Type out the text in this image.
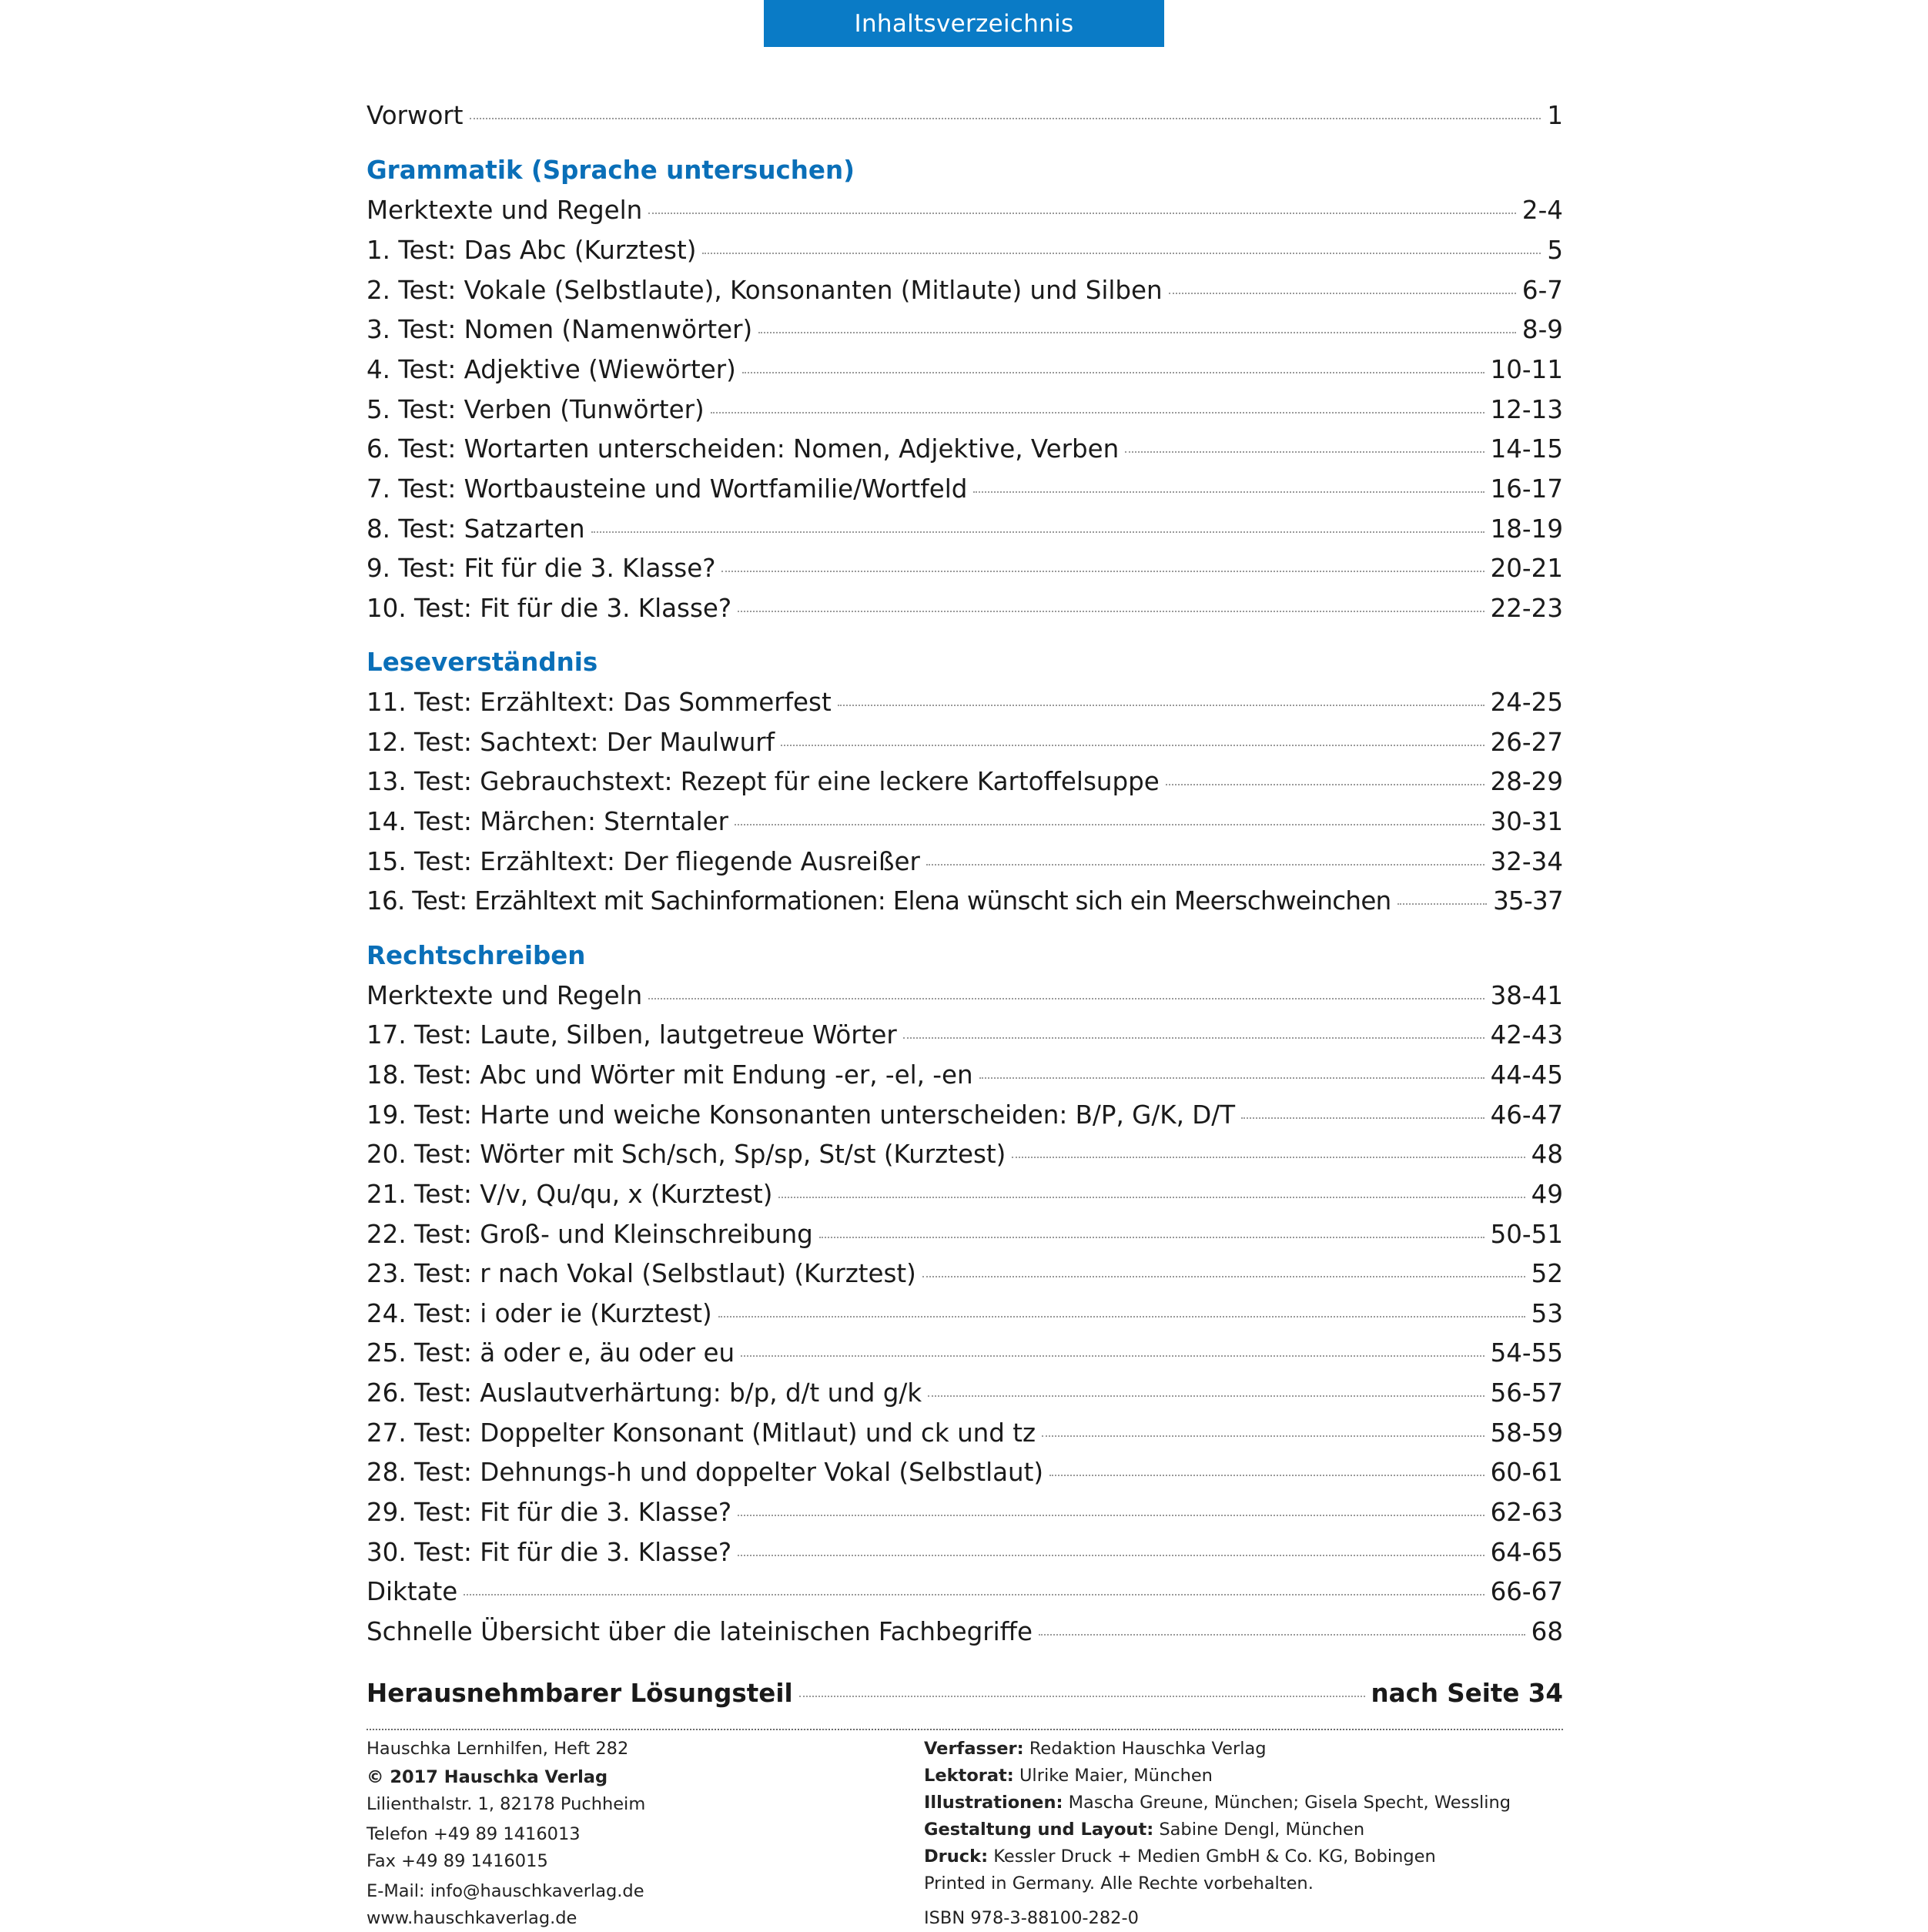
Inhaltsverzeichnis
Vorwort	1
Grammatik (Sprache untersuchen)
Merktexte und Regeln	2-4
1. Test: Das Abc (Kurztest)	5
2. Test: Vokale (Selbstlaute), Konsonanten (Mitlaute) und Silben	6-7
3. Test: Nomen (Namenwörter)	8-9
4. Test: Adjektive (Wiewörter)	10-11
5. Test: Verben (Tunwörter)	12-13
6. Test: Wortarten unterscheiden: Nomen, Adjektive, Verben	14-15
7. Test: Wortbausteine und Wortfamilie/Wortfeld	16-17
8. Test: Satzarten	18-19
9. Test: Fit für die 3. Klasse?	20-21
10. Test: Fit für die 3. Klasse?	22-23
Leseverständnis
11. Test: Erzähltext: Das Sommerfest	24-25
12. Test: Sachtext: Der Maulwurf	26-27
13. Test: Gebrauchstext: Rezept für eine leckere Kartoffelsuppe	28-29
14. Test: Märchen: Sterntaler	30-31
15. Test: Erzähltext: Der fliegende Ausreißer	32-34
16. Test: Erzähltext mit Sachinformationen: Elena wünscht sich ein Meerschweinchen	35-37
Rechtschreiben
Merktexte und Regeln	38-41
17. Test: Laute, Silben, lautgetreue Wörter	42-43
18. Test: Abc und Wörter mit Endung -er, -el, -en	44-45
19. Test: Harte und weiche Konsonanten unterscheiden: B/P, G/K, D/T	46-47
20. Test: Wörter mit Sch/sch, Sp/sp, St/st (Kurztest)	48
21. Test: V/v, Qu/qu, x (Kurztest)	49
22. Test: Groß- und Kleinschreibung	50-51
23. Test: r nach Vokal (Selbstlaut) (Kurztest)	52
24. Test: i oder ie (Kurztest)	53
25. Test: ä oder e, äu oder eu	54-55
26. Test: Auslautverhärtung: b/p, d/t und g/k	56-57
27. Test: Doppelter Konsonant (Mitlaut) und ck und tz	58-59
28. Test: Dehnungs-h und doppelter Vokal (Selbstlaut)	60-61
29. Test: Fit für die 3. Klasse?	62-63
30. Test: Fit für die 3. Klasse?	64-65
Diktate	66-67
Schnelle Übersicht über die lateinischen Fachbegriffe	68
Herausnehmbarer Lösungsteil	nach Seite 34
Hauschka Lernhilfen, Heft 282
© 2017 Hauschka Verlag
Lilienthalstr. 1, 82178 Puchheim
Telefon +49 89 1416013
Fax +49 89 1416015
E-Mail: info@hauschkaverlag.de
www.hauschkaverlag.de
Verfasser: Redaktion Hauschka Verlag
Lektorat: Ulrike Maier, München
Illustrationen: Mascha Greune, München; Gisela Specht, Wessling
Gestaltung und Layout: Sabine Dengl, München
Druck: Kessler Druck + Medien GmbH & Co. KG, Bobingen
Printed in Germany. Alle Rechte vorbehalten.
ISBN 978-3-88100-282-0
